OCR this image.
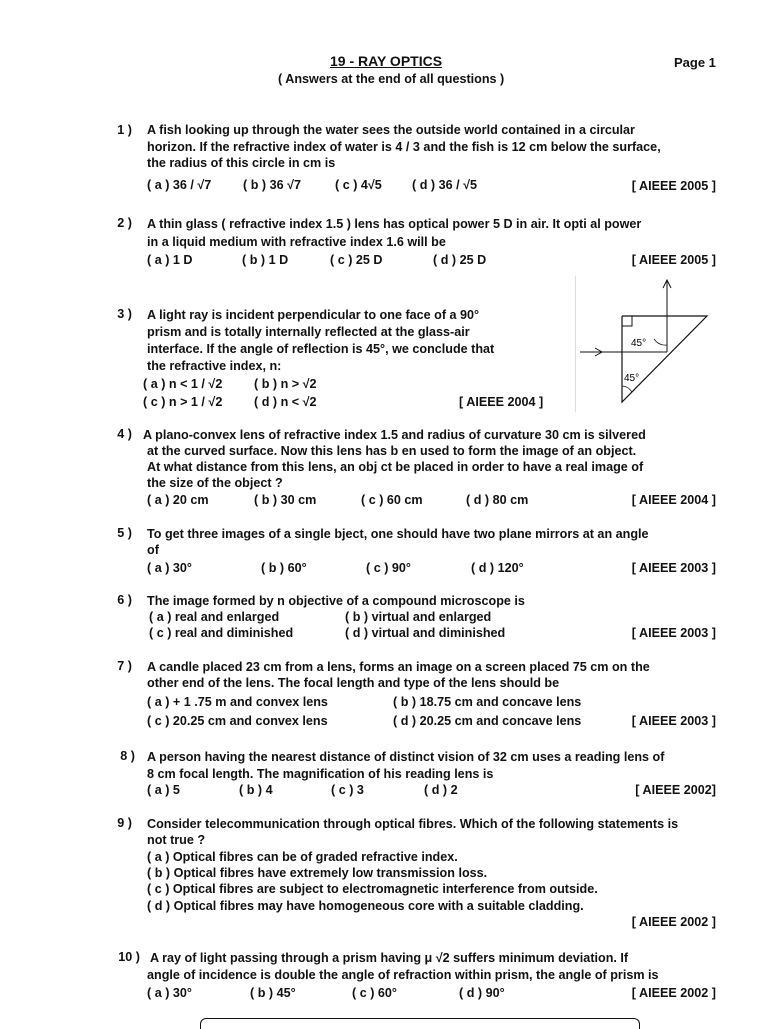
19 - RAY OPTICS	Page 1
( Answers at the end of all questions )
1 ) A fish looking up through the water sees the outside world contained in a circular
horizon. If the refractive index of water is 4 / 3 and the fish is 12 cm below the surface,
the radius of this circle in cm is
( a ) 36 / √7	( b ) 36 √7	( c ) 4√5 ( d ) 36 / √5	[ AIEEE 2005 ]
2 ) A thin glass ( refractive index 1.5 ) lens has optical power 5 D in air. It opti al power
in a liquid medium with refractive index 1.6 will be
( a ) 1 D	( b ) 1 D	( c ) 25 D	( d ) 25 D	[ AIEEE 2005 ]
3 ) A light ray is incident perpendicular to one face of a 90°
prism and is totally internally reflected at the glass-air
interface. If the angle of reflection is 45°, we conclude that
the refractive index, n:
( a ) n < 1 / √2	( b ) n > √2
( c ) n > 1 / √2	( d ) n < √2	[ AIEEE 2004 ]
45°
45°
4 ) A plano-convex lens of refractive index 1.5 and radius of curvature 30 cm is silvered
at the curved surface. Now this lens has b en used to form the image of an object.
At what distance from this lens, an obj ct be placed in order to have a real image of
the size of the object ?
( a ) 20 cm	( b ) 30 cm	( c ) 60 cm	( d ) 80 cm	[ AIEEE 2004 ]
5 ) To get three images of a single bject, one should have two plane mirrors at an angle
of
( a ) 30°	( b ) 60°	( c ) 90°	( d ) 120°	[ AIEEE 2003 ]
6 ) The image formed by n objective of a compound microscope is
( a ) real and enlarged	( b ) virtual and enlarged
( c ) real and diminished	( d ) virtual and diminished	[ AIEEE 2003 ]
7 ) A candle placed 23 cm from a lens, forms an image on a screen placed 75 cm on the
other end of the lens. The focal length and type of the lens should be
( a ) + 1 .75 m and convex lens	( b ) 18.75 cm and concave lens
( c ) 20.25 cm and convex lens	( d ) 20.25 cm and concave lens	[ AIEEE 2003 ]
8 ) A person having the nearest distance of distinct vision of 32 cm uses a reading lens of
8 cm focal length. The magnification of his reading lens is
( a ) 5	( b ) 4	( c ) 3	( d ) 2	[ AIEEE 2002]
9 ) Consider telecommunication through optical fibres. Which of the following statements is
not true ?
( a ) Optical fibres can be of graded refractive index.
( b ) Optical fibres have extremely low transmission loss.
( c ) Optical fibres are subject to electromagnetic interference from outside.
( d ) Optical fibres may have homogeneous core with a suitable cladding.
[ AIEEE 2002 ]
10 ) A ray of light passing through a prism having μ √2 suffers minimum deviation. If
angle of incidence is double the angle of refraction within prism, the angle of prism is
( a ) 30°	( b ) 45°	( c ) 60°	( d ) 90°	[ AIEEE 2002 ]
